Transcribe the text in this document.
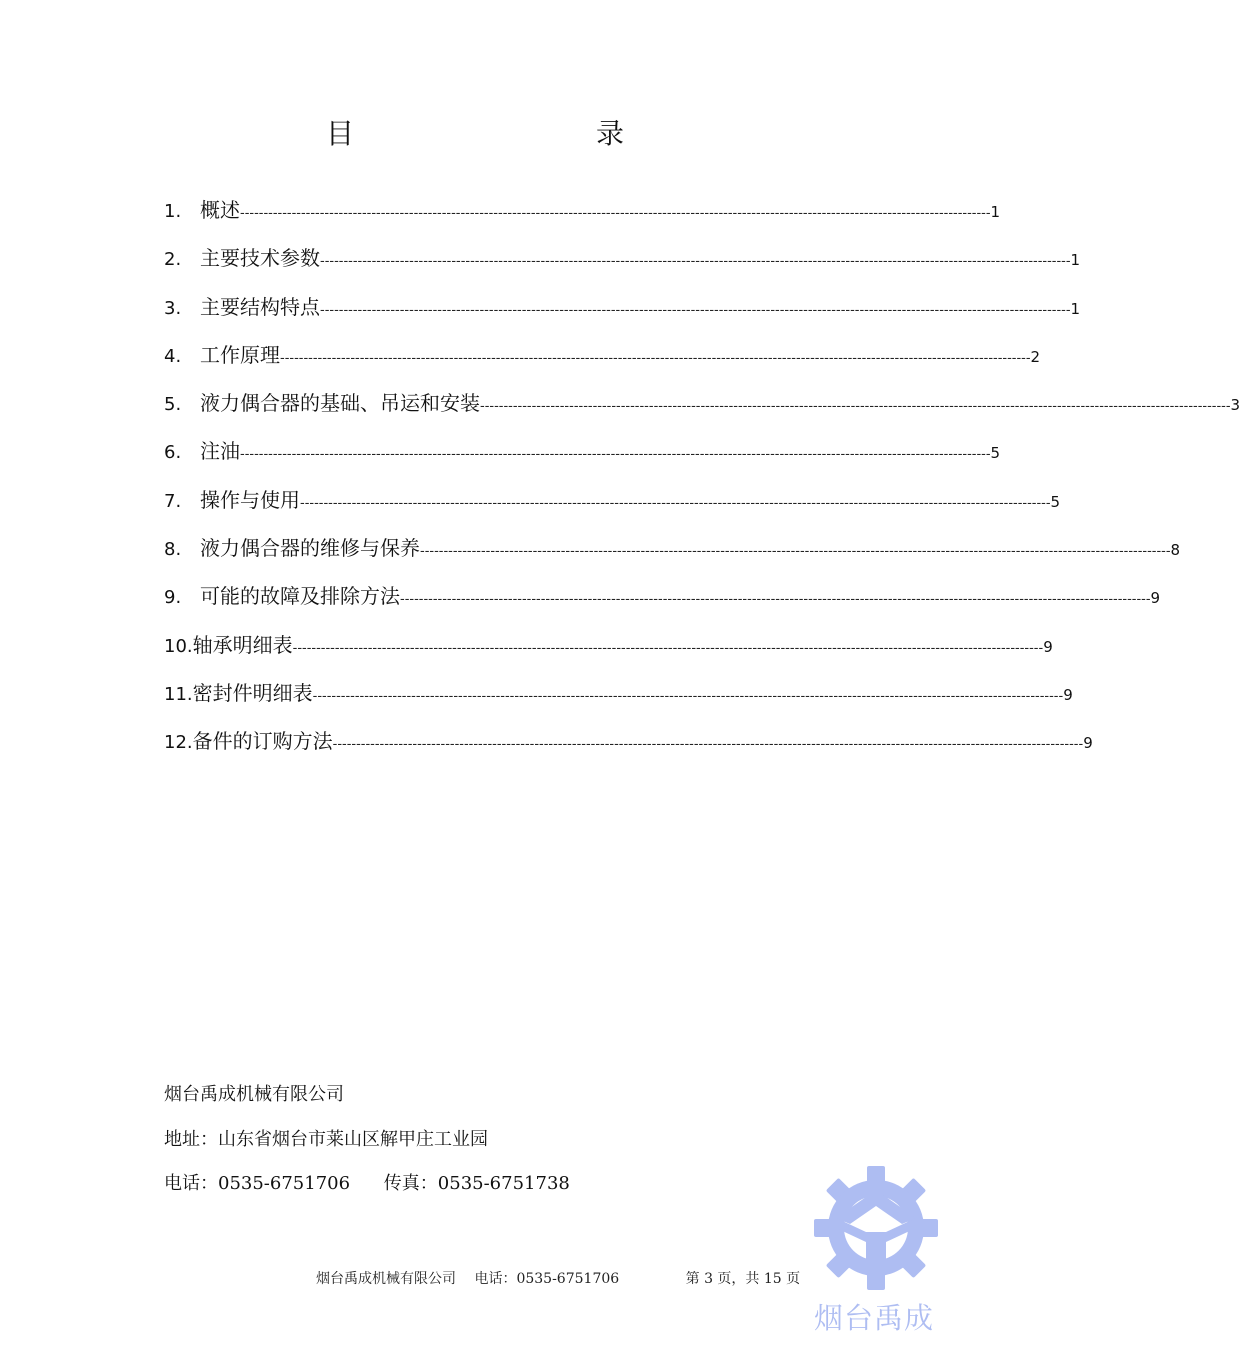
目　　录
1. 概述 ---------------------------------------------------------------------------------------------------------------------------------------------------------------- 1
2. 主要技术参数 ---------------------------------------------------------------------------------------------------------------------------------------------------------------- 1
3. 主要结构特点 ---------------------------------------------------------------------------------------------------------------------------------------------------------------- 1
4. 工作原理 ---------------------------------------------------------------------------------------------------------------------------------------------------------------- 2
5. 液力偶合器的基础、吊运和安装 ---------------------------------------------------------------------------------------------------------------------------------------------------------------- 3
6. 注油 ---------------------------------------------------------------------------------------------------------------------------------------------------------------- 5
7. 操作与使用 ---------------------------------------------------------------------------------------------------------------------------------------------------------------- 5
8. 液力偶合器的维修与保养 ---------------------------------------------------------------------------------------------------------------------------------------------------------------- 8
9. 可能的故障及排除方法 ---------------------------------------------------------------------------------------------------------------------------------------------------------------- 9
10. 轴承明细表 ---------------------------------------------------------------------------------------------------------------------------------------------------------------- 9
11. 密封件明细表 ---------------------------------------------------------------------------------------------------------------------------------------------------------------- 9
12. 备件的订购方法 ---------------------------------------------------------------------------------------------------------------------------------------------------------------- 9
烟台禹成机械有限公司
地址：山东省烟台市莱山区解甲庄工业园
电话：0535-6751706 传真：0535-6751738
烟台禹成机械有限公司 电话：0535-6751706	第 3 页，共 15 页
烟台禹成
